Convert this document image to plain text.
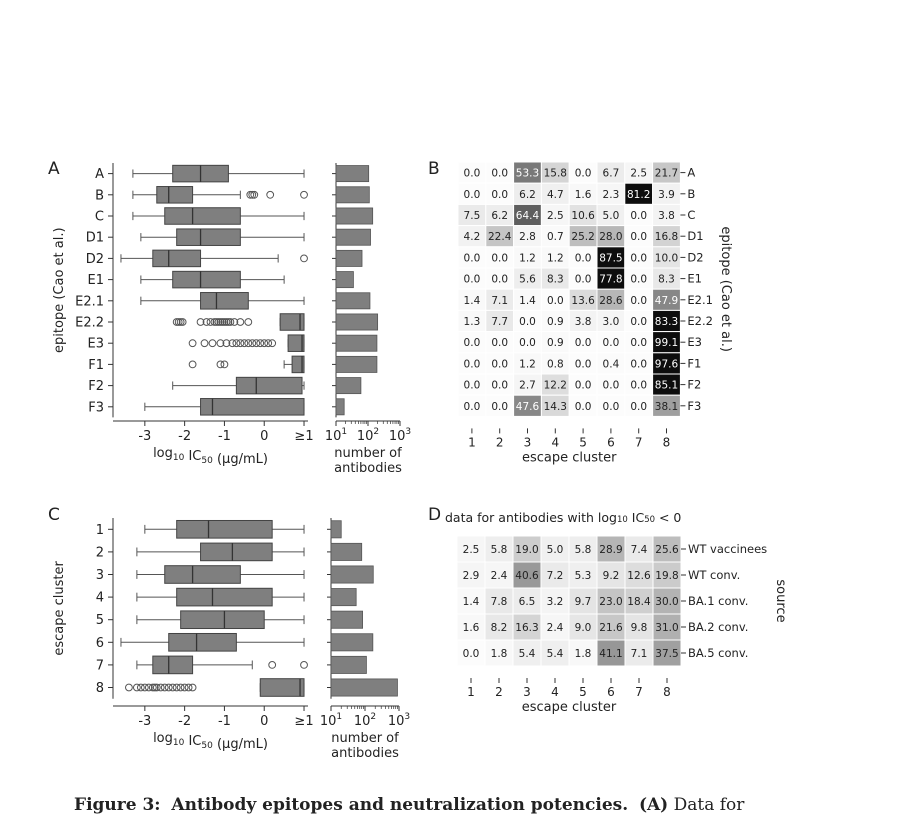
A	B
C	D
A
B
C
D1
D2
E1
E2.1
E2.2
E3
F1
F2
F3
-3 -2 -1 0 ≥1
$\log_{10} IC_{50}$ (μg/mL)
epitope (Cao et al.)
$10^1$ $10^2$ $10^3$
number of
antibodies
0.0 0.0 53.3 15.8 0.0 6.7 2.5 21.7 A
0.0 0.0 6.2 4.7 1.6 2.3 81.2 3.9 B
7.5 6.2 64.4 2.5 10.6 5.0 0.0 3.8 C
4.2 22.4 2.8 0.7 25.2 28.0 0.0 16.8 D1
0.0 0.0 1.2 1.2 0.0 87.5 0.0 10.0 D2
0.0 0.0 5.6 8.3 0.0 77.8 0.0 8.3 E1
1.4 7.1 1.4 0.0 13.6 28.6 0.0 47.9 E2.1
1.3 7.7 0.0 0.9 3.8 3.0 0.0 83.3 E2.2
0.0 0.0 0.0 0.9 0.0 0.0 0.0 99.1 E3
0.0 0.0 1.2 0.8 0.0 0.4 0.0 97.6 F1
0.0 0.0 2.7 12.2 0.0 0.0 0.0 85.1 F2
0.0 0.0 47.6 14.3 0.0 0.0 0.0 38.1 F3
1 2 3 4 5 6 7 8
escape cluster
epitope (Cao et al.)
1
2
3
4
5
6
7
8
-3 -2 -1 0 ≥1
$\log_{10} IC_{50}$ (μg/mL)
escape cluster
$10^1$ $10^2$ $10^3$
number of
antibodies
2.5 5.8 19.0 5.0 5.8 28.9 7.4 25.6 WT vaccinees
2.9 2.4 40.6 7.2 5.3 9.2 12.6 19.8 WT conv.
1.4 7.8 6.5 3.2 9.7 23.0 18.4 30.0 BA.1 conv.
1.6 8.2 16.3 2.4 9.0 21.6 9.8 31.0 BA.2 conv.
0.0 1.8 5.4 5.4 1.8 41.1 7.1 37.5 BA.5 conv.
1 2 3 4 5 6 7 8
escape cluster
source
data for antibodies with log10 IC50 < 0
Figure 3: Antibody epitopes and neutralization potencies. (A) Data for
